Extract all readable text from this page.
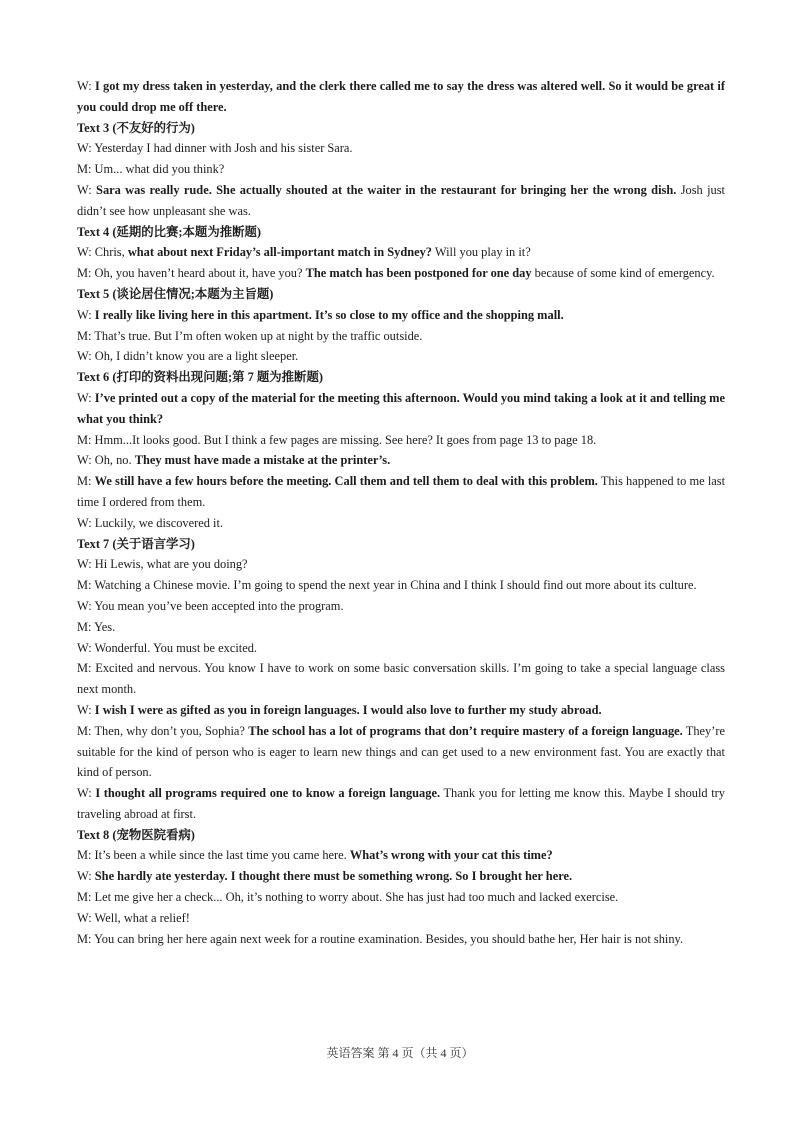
W: I got my dress taken in yesterday, and the clerk there called me to say the dress was altered well. So it would be great if you could drop me off there.

Text 3 (不友好的行为)

W: Yesterday I had dinner with Josh and his sister Sara.

M: Um... what did you think?

W: Sara was really rude. She actually shouted at the waiter in the restaurant for bringing her the wrong dish. Josh just didn’t see how unpleasant she was.

Text 4 (延期的比赛;本题为推断题)

W: Chris, what about next Friday’s all-important match in Sydney? Will you play in it?

M: Oh, you haven’t heard about it, have you? The match has been postponed for one day because of some kind of emergency.

Text 5 (谈论居住情况;本题为主旨题)

W: I really like living here in this apartment. It’s so close to my office and the shopping mall.

M: That’s true. But I’m often woken up at night by the traffic outside.

W: Oh, I didn’t know you are a light sleeper.

Text 6 (打印的资料出现问题;第 7 题为推断题)

W: I’ve printed out a copy of the material for the meeting this afternoon. Would you mind taking a look at it and telling me what you think?

M: Hmm...It looks good. But I think a few pages are missing. See here? It goes from page 13 to page 18.

W: Oh, no. They must have made a mistake at the printer’s.

M: We still have a few hours before the meeting. Call them and tell them to deal with this problem. This happened to me last time I ordered from them.

W: Luckily, we discovered it.

Text 7 (关于语言学习)

W: Hi Lewis, what are you doing?

M: Watching a Chinese movie. I’m going to spend the next year in China and I think I should find out more about its culture.

W: You mean you’ve been accepted into the program.

M: Yes.

W: Wonderful. You must be excited.

M: Excited and nervous. You know I have to work on some basic conversation skills. I’m going to take a special language class next month.

W: I wish I were as gifted as you in foreign languages. I would also love to further my study abroad.

M: Then, why don’t you, Sophia? The school has a lot of programs that don’t require mastery of a foreign language. They’re suitable for the kind of person who is eager to learn new things and can get used to a new environment fast. You are exactly that kind of person.

W: I thought all programs required one to know a foreign language. Thank you for letting me know this. Maybe I should try traveling abroad at first.

Text 8 (宠物医院看病)

M: It’s been a while since the last time you came here. What’s wrong with your cat this time?

W: She hardly ate yesterday. I thought there must be something wrong. So I brought her here.

M: Let me give her a check... Oh, it’s nothing to worry about. She has just had too much and lacked exercise.

W: Well, what a relief!

M: You can bring her here again next week for a routine examination. Besides, you should bathe her, Her hair is not shiny.

英语答案 第 4 页（共 4 页）
